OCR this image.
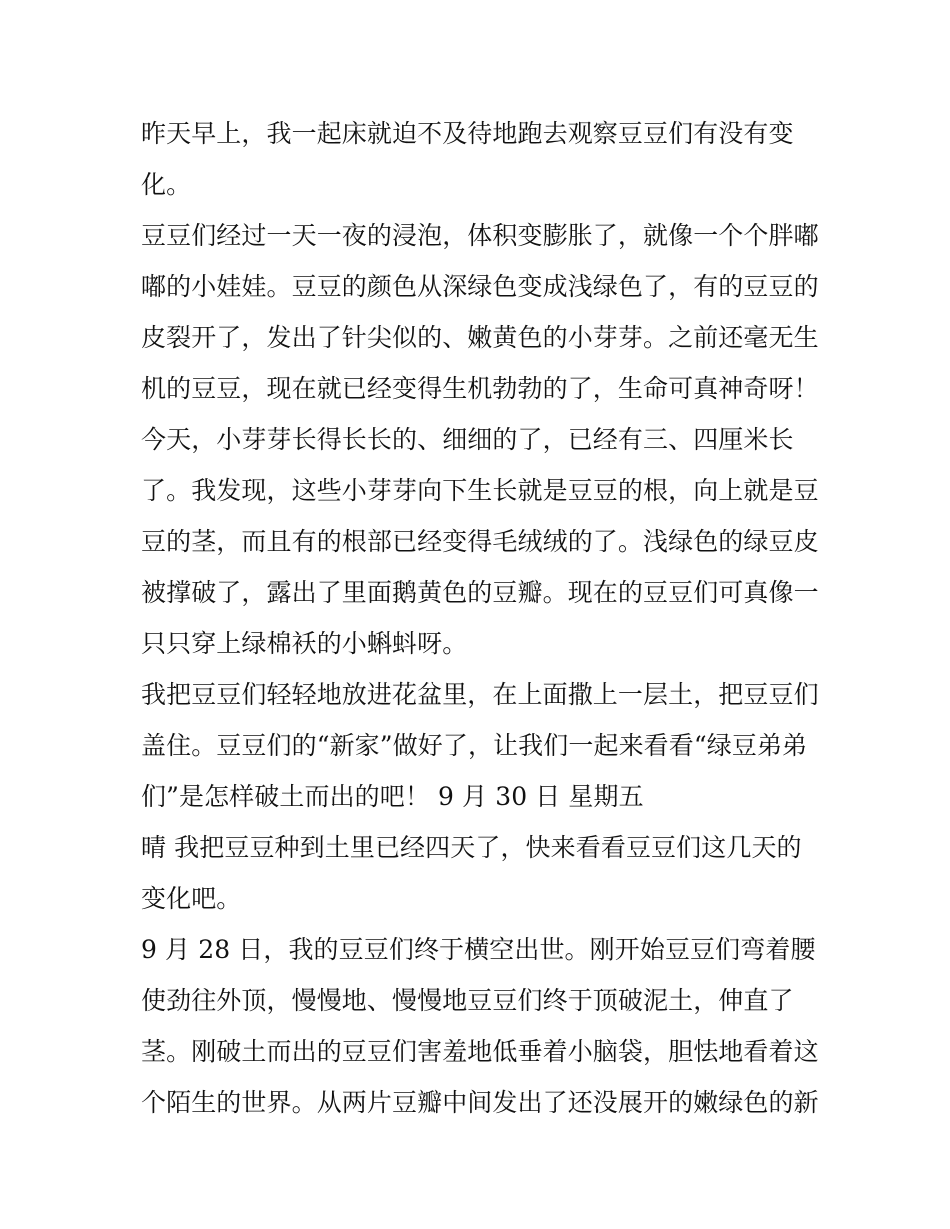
昨天早上，我一起床就迫不及待地跑去观察豆豆们有没有变
化。
豆豆们经过一天一夜的浸泡，体积变膨胀了，就像一个个胖嘟
嘟的小娃娃。豆豆的颜色从深绿色变成浅绿色了，有的豆豆的
皮裂开了，发出了针尖似的、嫩黄色的小芽芽。之前还毫无生
机的豆豆，现在就已经变得生机勃勃的了，生命可真神奇呀！
今天，小芽芽长得长长的、细细的了，已经有三、四厘米长
了。我发现，这些小芽芽向下生长就是豆豆的根，向上就是豆
豆的茎，而且有的根部已经变得毛绒绒的了。浅绿色的绿豆皮
被撑破了，露出了里面鹅黄色的豆瓣。现在的豆豆们可真像一
只只穿上绿棉袄的小蝌蚪呀。
我把豆豆们轻轻地放进花盆里，在上面撒上一层土，把豆豆们
盖住。豆豆们的“新家”做好了，让我们一起来看看“绿豆弟弟
们”是怎样破土而出的吧！ 9 月 30 日 星期五
晴 我把豆豆种到土里已经四天了，快来看看豆豆们这几天的
变化吧。
9 月 28 日，我的豆豆们终于横空出世。刚开始豆豆们弯着腰
使劲往外顶，慢慢地、慢慢地豆豆们终于顶破泥土，伸直了
茎。刚破土而出的豆豆们害羞地低垂着小脑袋，胆怯地看着这
个陌生的世界。从两片豆瓣中间发出了还没展开的嫩绿色的新
